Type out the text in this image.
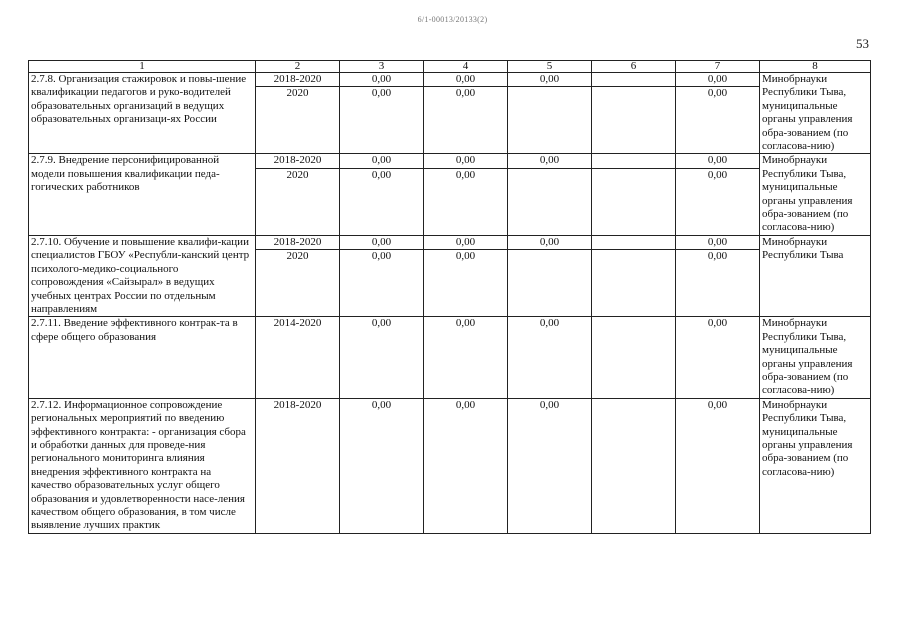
6/1-00013/20133(2)
53
1	2	3	4	5	6	7	8
2.7.8. Организация стажировок и повы-шение квалификации педагогов и руко-водителей образовательных организаций в ведущих образовательных организаци-ях России	2018-2020	0,00	0,00	0,00		0,00	Минобрнауки Республики Тыва, муниципальные органы управления обра-зованием (по согласова-нию)
	2020	0,00	0,00			0,00	
2.7.9. Внедрение персонифицированной модели повышения квалификации педа-гогических работников	2018-2020	0,00	0,00	0,00		0,00	Минобрнауки Республики Тыва, муниципальные органы управления обра-зованием (по согласова-нию)
	2020	0,00	0,00			0,00	
2.7.10. Обучение и повышение квалифи-кации специалистов ГБОУ «Республи-канский центр психолого-медико-социального сопровождения «Сайзырал» в ведущих учебных центрах России по отдельным направлениям	2018-2020	0,00	0,00	0,00		0,00	Минобрнауки Республики Тыва
	2020	0,00	0,00			0,00	
2.7.11. Введение эффективного контрак-та в сфере общего образования	2014-2020	0,00	0,00	0,00		0,00	Минобрнауки Республики Тыва, муниципальные органы управления обра-зованием (по согласова-нию)
2.7.12. Информационное сопровождение региональных мероприятий по введению эффективного контракта: - организация сбора и обработки данных для проведе-ния регионального мониторинга влияния внедрения эффективного контракта на качество образовательных услуг общего образования и удовлетворенности насе-ления качеством общего образования, в том числе выявление лучших практик	2018-2020	0,00	0,00	0,00		0,00	Минобрнауки Республики Тыва, муниципальные органы управления обра-зованием (по согласова-нию)
